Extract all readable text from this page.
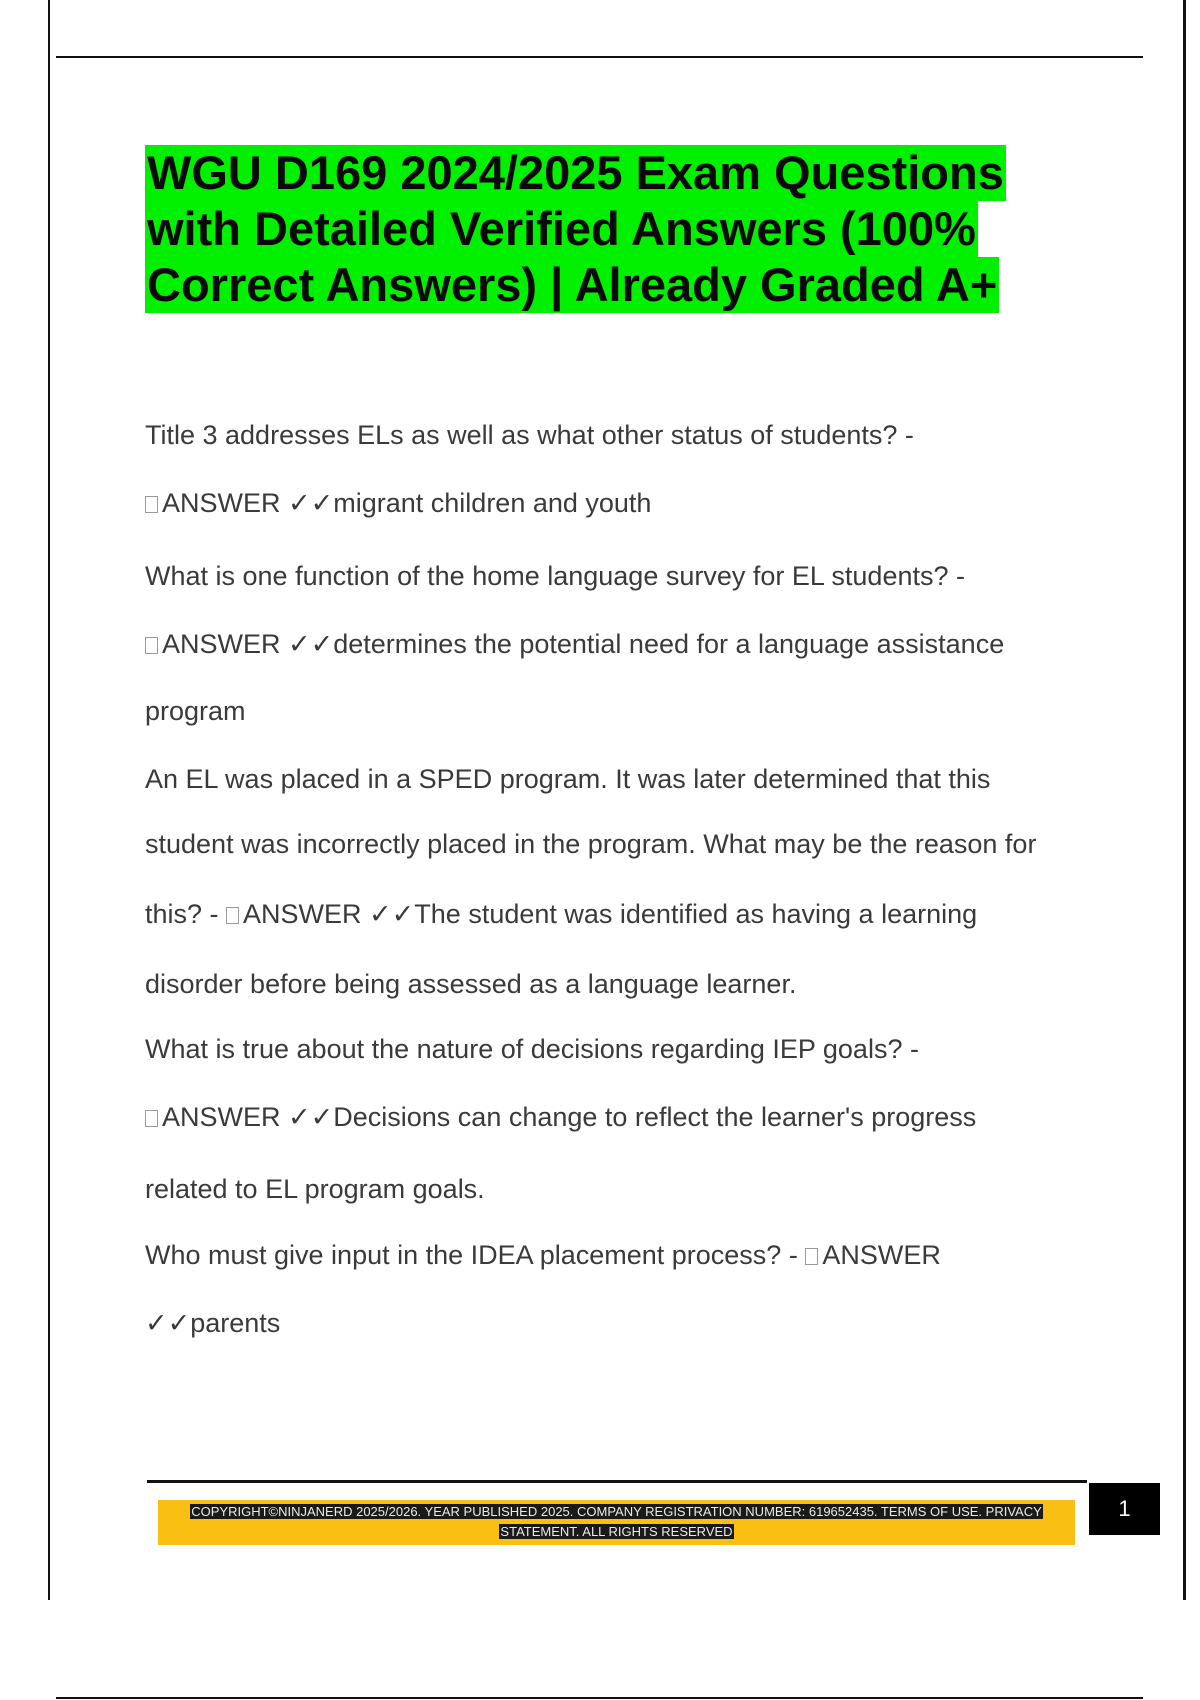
WGU D169 2024/2025 Exam Questions
with Detailed Verified Answers (100%
Correct Answers) | Already Graded A+
Title 3 addresses ELs as well as what other status of students? -
ANSWER ✓✓migrant children and youth
What is one function of the home language survey for EL students? -
ANSWER ✓✓determines the potential need for a language assistance
program
An EL was placed in a SPED program. It was later determined that this
student was incorrectly placed in the program. What may be the reason for
this? - ANSWER ✓✓The student was identified as having a learning
disorder before being assessed as a language learner.
What is true about the nature of decisions regarding IEP goals? -
ANSWER ✓✓Decisions can change to reflect the learner's progress
related to EL program goals.
Who must give input in the IDEA placement process? - ANSWER
✓✓parents
COPYRIGHT©NINJANERD 2025/2026. YEAR PUBLISHED 2025. COMPANY REGISTRATION NUMBER: 619652435. TERMS OF USE. PRIVACY
STATEMENT. ALL RIGHTS RESERVED
1
